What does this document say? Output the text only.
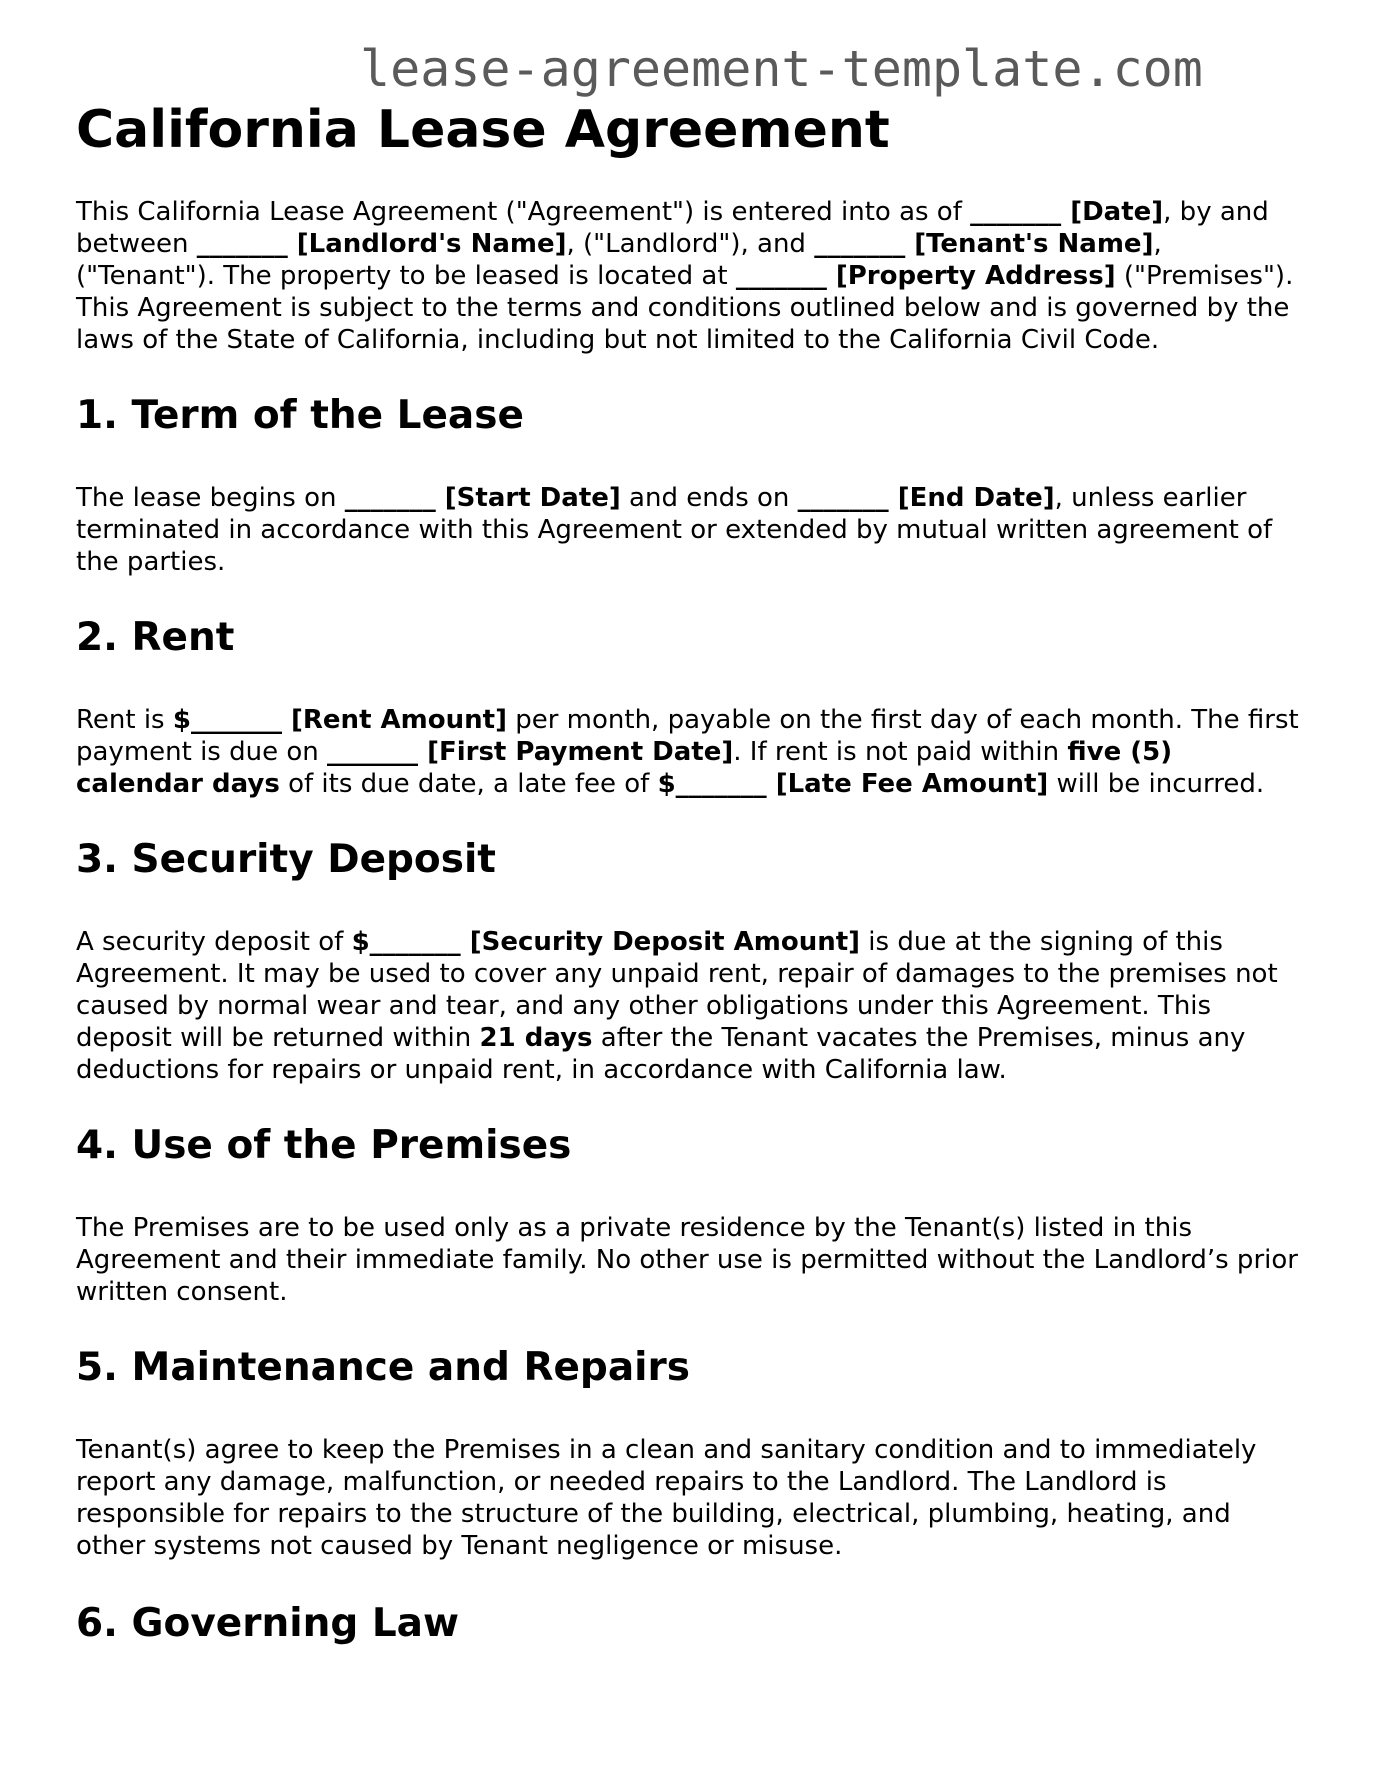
lease-agreement-template.com
California Lease Agreement

This California Lease Agreement ("Agreement") is entered into as of _______ [Date], by and between _______ [Landlord's Name], ("Landlord"), and _______ [Tenant's Name], ("Tenant"). The property to be leased is located at _______ [Property Address] ("Premises"). This Agreement is subject to the terms and conditions outlined below and is governed by the laws of the State of California, including but not limited to the California Civil Code.

1. Term of the Lease

The lease begins on _______ [Start Date] and ends on _______ [End Date], unless earlier terminated in accordance with this Agreement or extended by mutual written agreement of the parties.

2. Rent

Rent is $_______ [Rent Amount] per month, payable on the first day of each month. The first payment is due on _______ [First Payment Date]. If rent is not paid within five (5) calendar days of its due date, a late fee of $_______ [Late Fee Amount] will be incurred.

3. Security Deposit

A security deposit of $_______ [Security Deposit Amount] is due at the signing of this Agreement. It may be used to cover any unpaid rent, repair of damages to the premises not caused by normal wear and tear, and any other obligations under this Agreement. This deposit will be returned within 21 days after the Tenant vacates the Premises, minus any deductions for repairs or unpaid rent, in accordance with California law.

4. Use of the Premises

The Premises are to be used only as a private residence by the Tenant(s) listed in this Agreement and their immediate family. No other use is permitted without the Landlord’s prior written consent.

5. Maintenance and Repairs

Tenant(s) agree to keep the Premises in a clean and sanitary condition and to immediately report any damage, malfunction, or needed repairs to the Landlord. The Landlord is responsible for repairs to the structure of the building, electrical, plumbing, heating, and other systems not caused by Tenant negligence or misuse.

6. Governing Law
